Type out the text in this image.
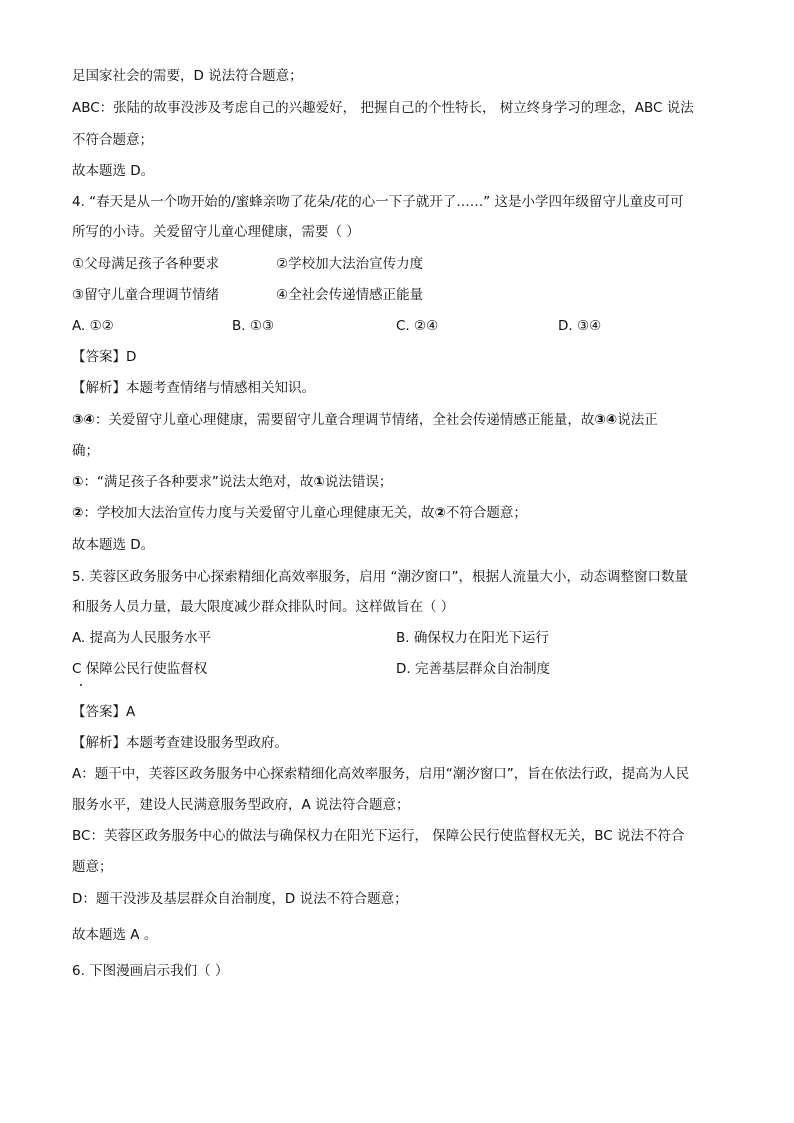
足国家社会的需要，D 说法符合题意；
ABC：张陆的故事没涉及考虑自己的兴趣爱好， 把握自己的个性特长， 树立终身学习的理念，ABC 说法
不符合题意；
故本题选 D。
4. “春天是从一个吻开始的/蜜蜂亲吻了花朵/花的心一下子就开了……” 这是小学四年级留守儿童皮可可
所写的小诗。关爱留守儿童心理健康，需要（ ）
①父母满足孩子各种要求	②学校加大法治宣传力度
③留守儿童合理调节情绪	④全社会传递情感正能量
A. ①②	B. ①③	C. ②④	D. ③④
【答案】D
【解析】本题考查情绪与情感相关知识。
③④：关爱留守儿童心理健康，需要留守儿童合理调节情绪，全社会传递情感正能量，故③④说法正
确；
①：“满足孩子各种要求”说法太绝对，故①说法错误；
②：学校加大法治宣传力度与关爱留守儿童心理健康无关，故②不符合题意；
故本题选 D。
5. 芙蓉区政务服务中心探索精细化高效率服务，启用 “潮汐窗口”，根据人流量大小，动态调整窗口数量
和服务人员力量，最大限度减少群众排队时间。这样做旨在（ ）
A. 提高为人民服务水平	B. 确保权力在阳光下运行
C 保障公民行使监督权	D. 完善基层群众自治制度
【答案】A
【解析】本题考查建设服务型政府。
A：题干中，芙蓉区政务服务中心探索精细化高效率服务，启用“潮汐窗口”，旨在依法行政，提高为人民
服务水平，建设人民满意服务型政府，A 说法符合题意；
BC：芙蓉区政务服务中心的做法与确保权力在阳光下运行， 保障公民行使监督权无关，BC 说法不符合
题意；
D：题干没涉及基层群众自治制度，D 说法不符合题意；
故本题选 A 。
6. 下图漫画启示我们（ ）
